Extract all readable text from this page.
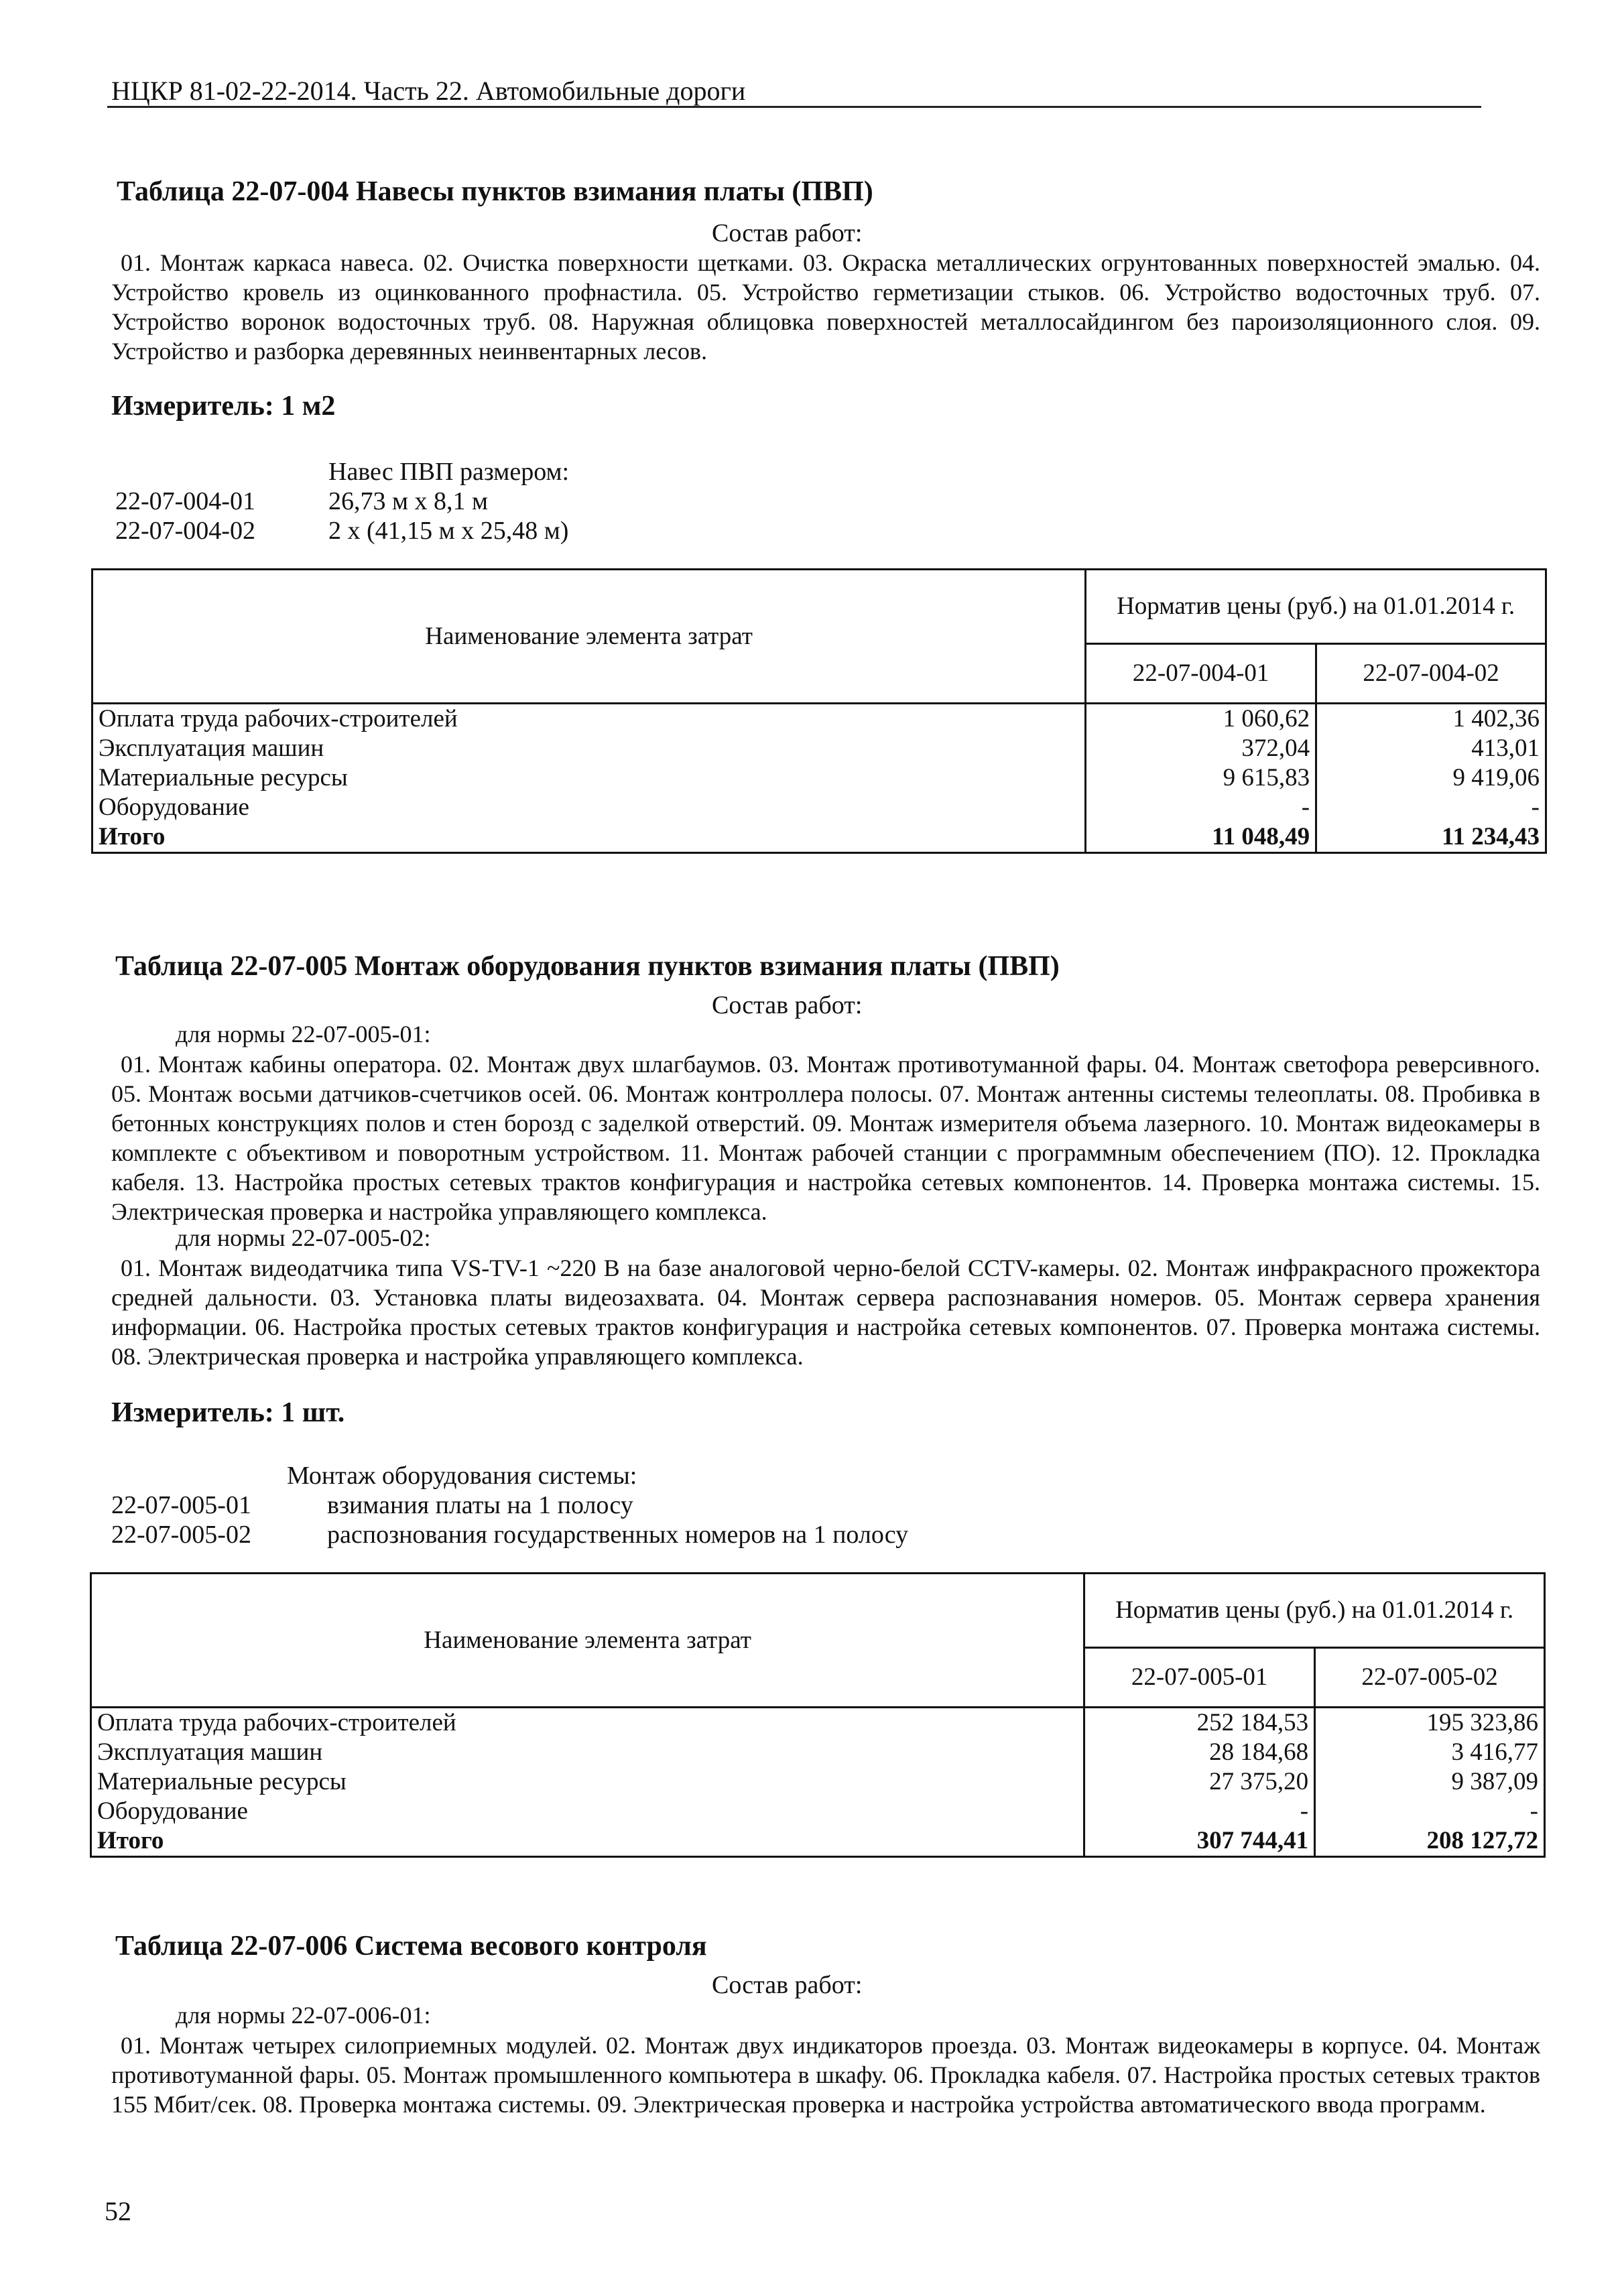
НЦКР 81-02-22-2014. Часть 22. Автомобильные дороги
Таблица 22-07-004 Навесы пунктов взимания платы (ПВП)
Состав работ:
01. Монтаж каркаса навеса. 02. Очистка поверхности щетками. 03. Окраска металлических огрунтованных поверхностей эмалью. 04. Устройство кровель из оцинкованного профнастила. 05. Устройство герметизации стыков. 06. Устройство водосточных труб. 07. Устройство воронок водосточных труб. 08. Наружная облицовка поверхностей металлосайдингом без пароизоляционного слоя. 09. Устройство и разборка деревянных неинвентарных лесов.
Измеритель: 1 м2
Навес ПВП размером:
22-07-004-01	26,73 м х 8,1 м
22-07-004-02	2 х (41,15 м х 25,48 м)
Наименование элемента затрат	Норматив цены (руб.) на 01.01.2014 г.	
	22-07-004-01	22-07-004-02
Оплата труда рабочих-строителей	1 060,62	1 402,36
Эксплуатация машин	372,04	413,01
Материальные ресурсы	9 615,83	9 419,06
Оборудование	-	-
Итого	11 048,49	11 234,43
Таблица 22-07-005 Монтаж оборудования пунктов взимания платы (ПВП)
Состав работ:
для нормы 22-07-005-01:
01. Монтаж кабины оператора. 02. Монтаж двух шлагбаумов. 03. Монтаж противотуманной фары. 04. Монтаж светофора реверсивного. 05. Монтаж восьми датчиков-счетчиков осей. 06. Монтаж контроллера полосы. 07. Монтаж антенны системы телеоплаты. 08. Пробивка в бетонных конструкциях полов и стен борозд с заделкой отверстий. 09. Монтаж измерителя объема лазерного. 10. Монтаж видеокамеры в комплекте с объективом и поворотным устройством. 11. Монтаж рабочей станции с программным обеспечением (ПО). 12. Прокладка кабеля. 13. Настройка простых сетевых трактов конфигурация и настройка сетевых компонентов. 14. Проверка монтажа системы. 15. Электрическая проверка и настройка управляющего комплекса.
для нормы 22-07-005-02:
01. Монтаж видеодатчика типа VS-TV-1 ~220 В на базе аналоговой черно-белой CCTV-камеры. 02. Монтаж инфракрасного прожектора средней дальности. 03. Установка платы видеозахвата. 04. Монтаж сервера распознавания номеров. 05. Монтаж сервера хранения информации. 06. Настройка простых сетевых трактов конфигурация и настройка сетевых компонентов. 07. Проверка монтажа системы. 08. Электрическая проверка и настройка управляющего комплекса.
Измеритель: 1 шт.
Монтаж оборудования системы:
22-07-005-01	взимания платы на 1 полосу
22-07-005-02	распознования государственных номеров на 1 полосу
Наименование элемента затрат	Норматив цены (руб.) на 01.01.2014 г.	
	22-07-005-01	22-07-005-02
Оплата труда рабочих-строителей	252 184,53	195 323,86
Эксплуатация машин	28 184,68	3 416,77
Материальные ресурсы	27 375,20	9 387,09
Оборудование	-	-
Итого	307 744,41	208 127,72
Таблица 22-07-006 Система весового контроля
Состав работ:
для нормы 22-07-006-01:
01. Монтаж четырех силоприемных модулей. 02. Монтаж двух индикаторов проезда. 03. Монтаж видеокамеры в корпусе. 04. Монтаж противотуманной фары. 05. Монтаж промышленного компьютера в шкафу. 06. Прокладка кабеля. 07. Настройка простых сетевых трактов 155 Мбит/сек. 08. Проверка монтажа системы. 09. Электрическая проверка и настройка устройства автоматического ввода программ.
52
